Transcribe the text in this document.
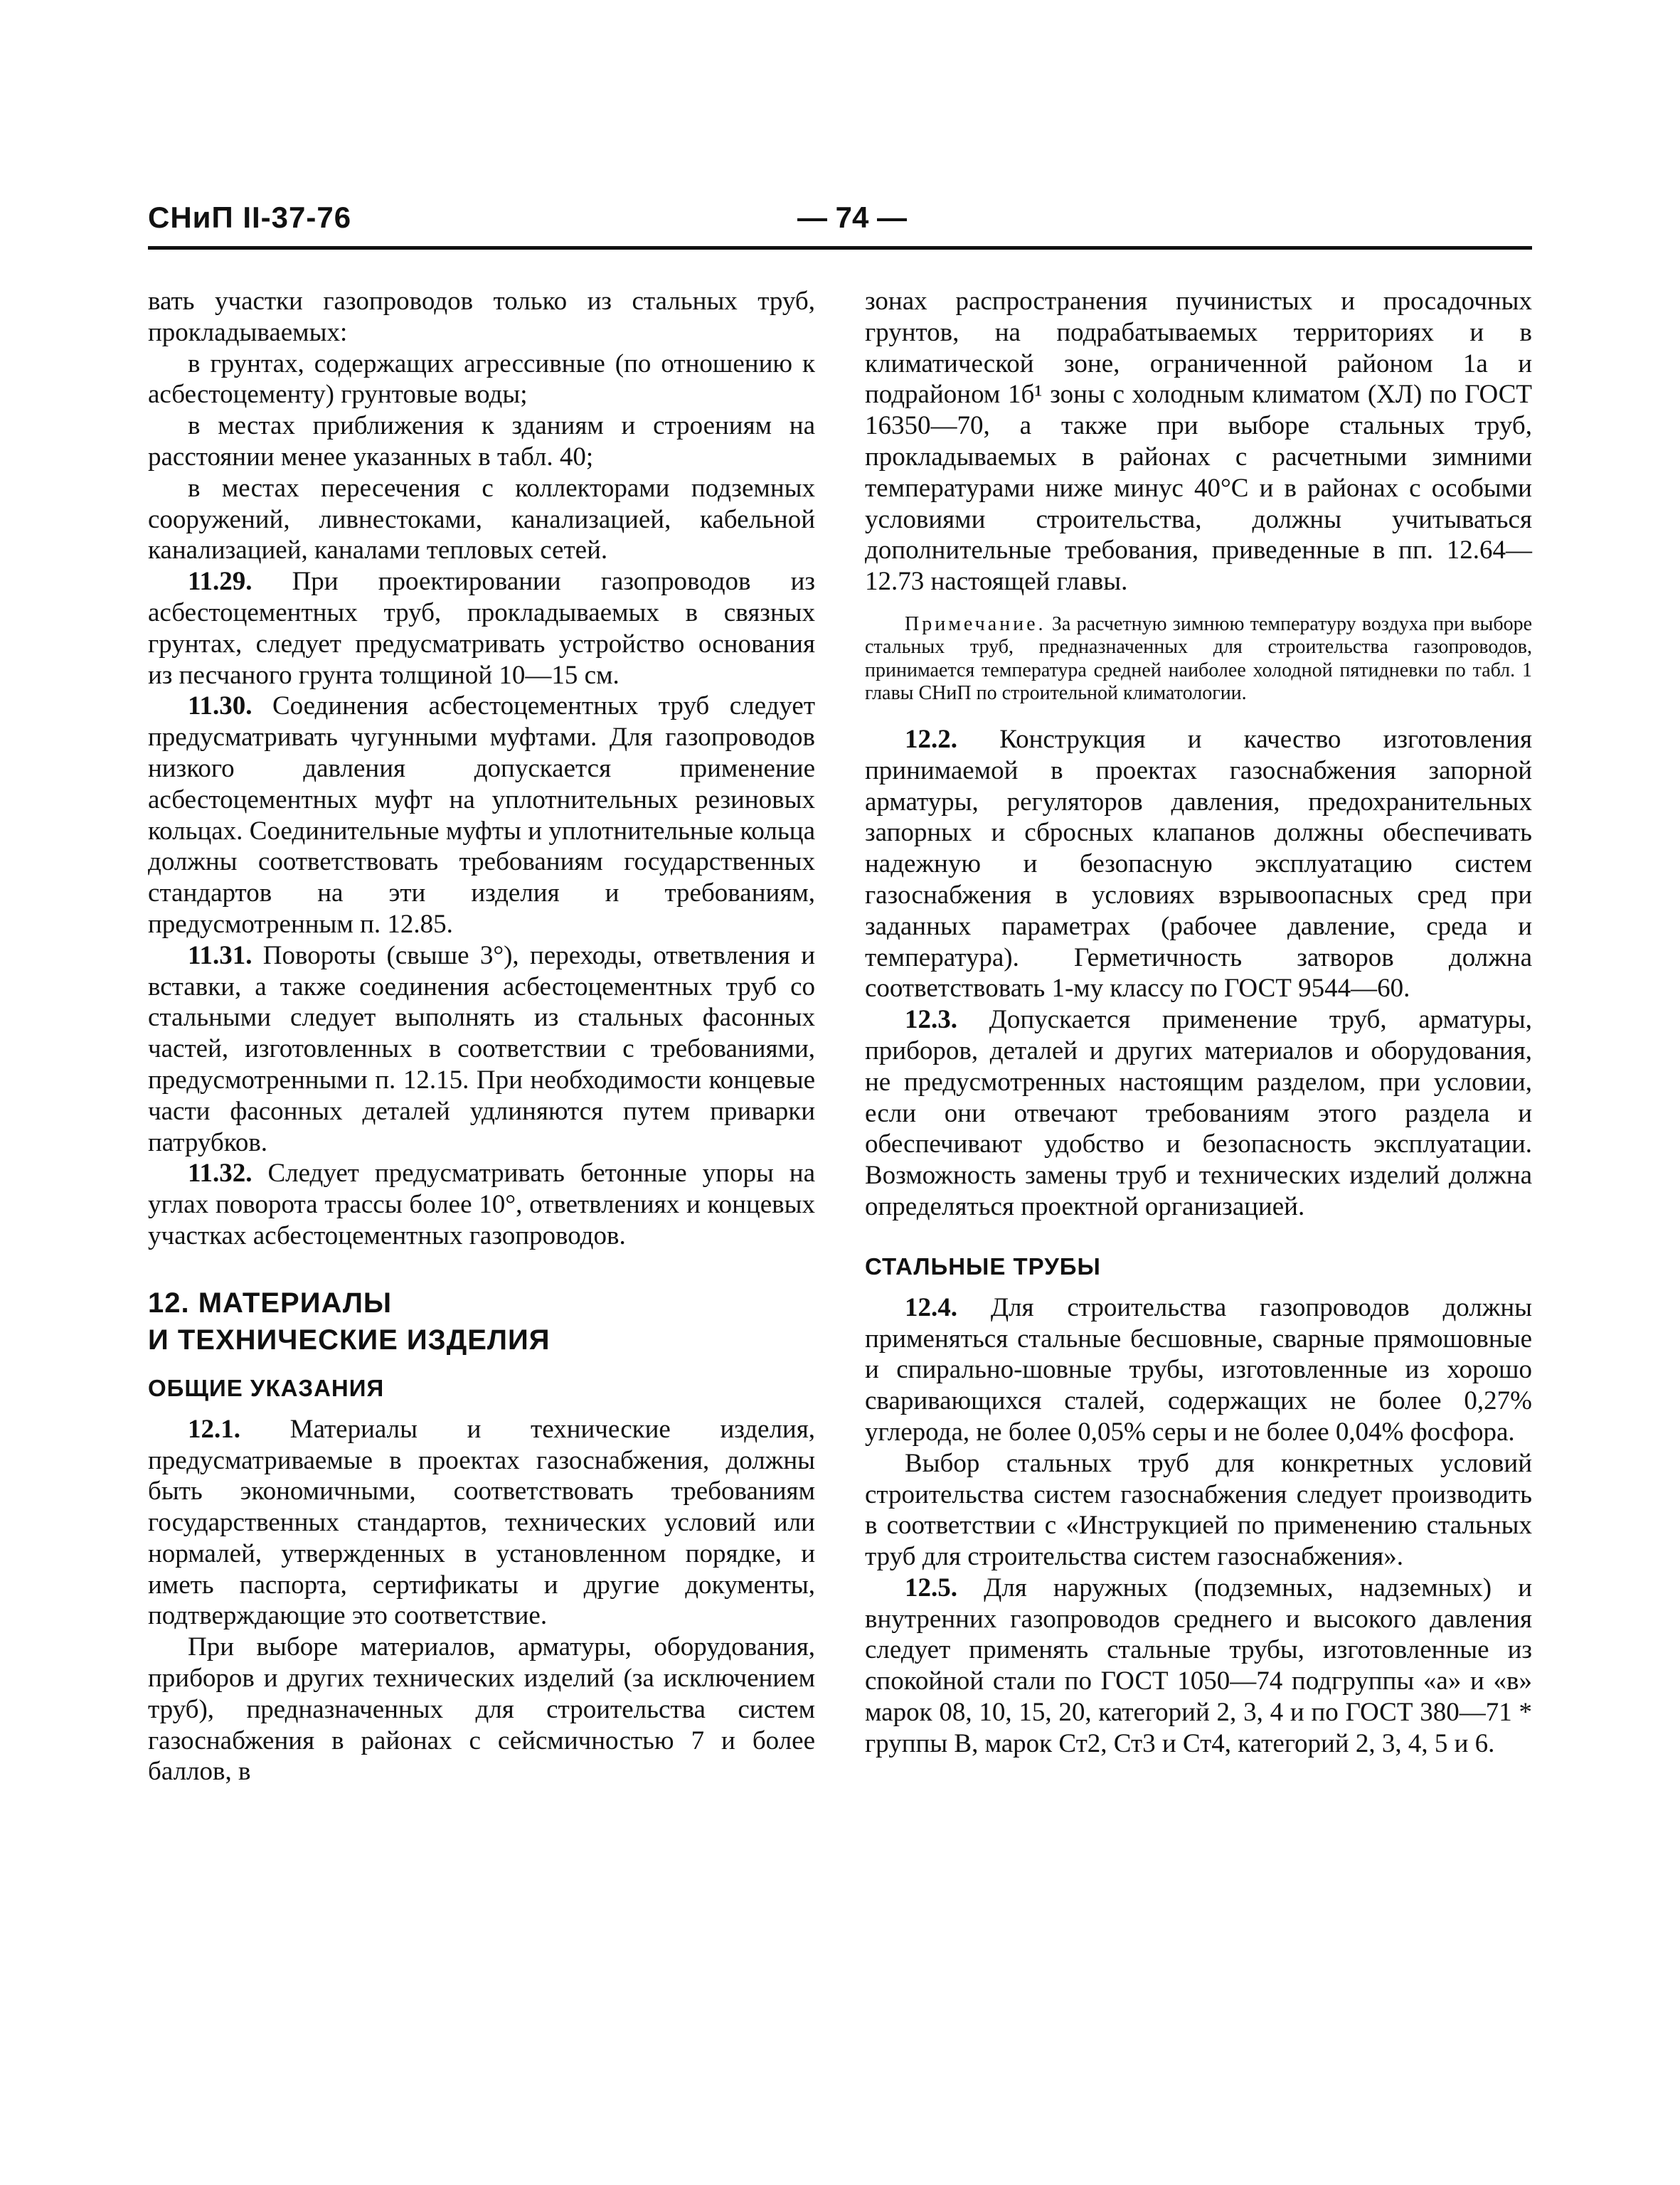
СНиП II-37-76	— 74 —

вать участки газопроводов только из стальных труб, прокладываемых:

в грунтах, содержащих агрессивные (по отношению к асбестоцементу) грунтовые воды;

в местах приближения к зданиям и строениям на расстоянии менее указанных в табл. 40;

в местах пересечения с коллекторами подземных сооружений, ливнестоками, канализацией, кабельной канализацией, каналами тепловых сетей.

11.29. При проектировании газопроводов из асбестоцементных труб, прокладываемых в связных грунтах, следует предусматривать устройство основания из песчаного грунта толщиной 10—15 см.

11.30. Соединения асбестоцементных труб следует предусматривать чугунными муфтами. Для газопроводов низкого давления допускается применение асбестоцементных муфт на уплотнительных резиновых кольцах. Соединительные муфты и уплотнительные кольца должны соответствовать требованиям государственных стандартов на эти изделия и требованиям, предусмотренным п. 12.85.

11.31. Повороты (свыше 3°), переходы, ответвления и вставки, а также соединения асбестоцементных труб со стальными следует выполнять из стальных фасонных частей, изготовленных в соответствии с требованиями, предусмотренными п. 12.15. При необходимости концевые части фасонных деталей удлиняются путем приварки патрубков.

11.32. Следует предусматривать бетонные упоры на углах поворота трассы более 10°, ответвлениях и концевых участках асбестоцементных газопроводов.

12. МАТЕРИАЛЫ
И ТЕХНИЧЕСКИЕ ИЗДЕЛИЯ
ОБЩИЕ УКАЗАНИЯ

12.1. Материалы и технические изделия, предусматриваемые в проектах газоснабжения, должны быть экономичными, соответствовать требованиям государственных стандартов, технических условий или нормалей, утвержденных в установленном порядке, и иметь паспорта, сертификаты и другие документы, подтверждающие это соответствие.

При выборе материалов, арматуры, оборудования, приборов и других технических изделий (за исключением труб), предназначенных для строительства систем газоснабжения в районах с сейсмичностью 7 и более баллов, в

зонах распространения пучинистых и просадочных грунтов, на подрабатываемых территориях и в климатической зоне, ограниченной районом 1а и подрайоном 1б¹ зоны с холодным климатом (ХЛ) по ГОСТ 16350—70, а также при выборе стальных труб, прокладываемых в районах с расчетными зимними температурами ниже минус 40°С и в районах с особыми условиями строительства, должны учитываться дополнительные требования, приведенные в пп. 12.64—12.73 настоящей главы.

Примечание. За расчетную зимнюю температуру воздуха при выборе стальных труб, предназначенных для строительства газопроводов, принимается температура средней наиболее холодной пятидневки по табл. 1 главы СНиП по строительной климатологии.

12.2. Конструкция и качество изготовления принимаемой в проектах газоснабжения запорной арматуры, регуляторов давления, предохранительных запорных и сбросных клапанов должны обеспечивать надежную и безопасную эксплуатацию систем газоснабжения в условиях взрывоопасных сред при заданных параметрах (рабочее давление, среда и температура). Герметичность затворов должна соответствовать 1-му классу по ГОСТ 9544—60.

12.3. Допускается применение труб, арматуры, приборов, деталей и других материалов и оборудования, не предусмотренных настоящим разделом, при условии, если они отвечают требованиям этого раздела и обеспечивают удобство и безопасность эксплуатации. Возможность замены труб и технических изделий должна определяться проектной организацией.

СТАЛЬНЫЕ ТРУБЫ

12.4. Для строительства газопроводов должны применяться стальные бесшовные, сварные прямошовные и спирально-шовные трубы, изготовленные из хорошо сваривающихся сталей, содержащих не более 0,27% углерода, не более 0,05% серы и не более 0,04% фосфора.

Выбор стальных труб для конкретных условий строительства систем газоснабжения следует производить в соответствии с «Инструкцией по применению стальных труб для строительства систем газоснабжения».

12.5. Для наружных (подземных, надземных) и внутренних газопроводов среднего и высокого давления следует применять стальные трубы, изготовленные из спокойной стали по ГОСТ 1050—74 подгруппы «а» и «в» марок 08, 10, 15, 20, категорий 2, 3, 4 и по ГОСТ 380—71 * группы В, марок Ст2, Ст3 и Ст4, категорий 2, 3, 4, 5 и 6.
